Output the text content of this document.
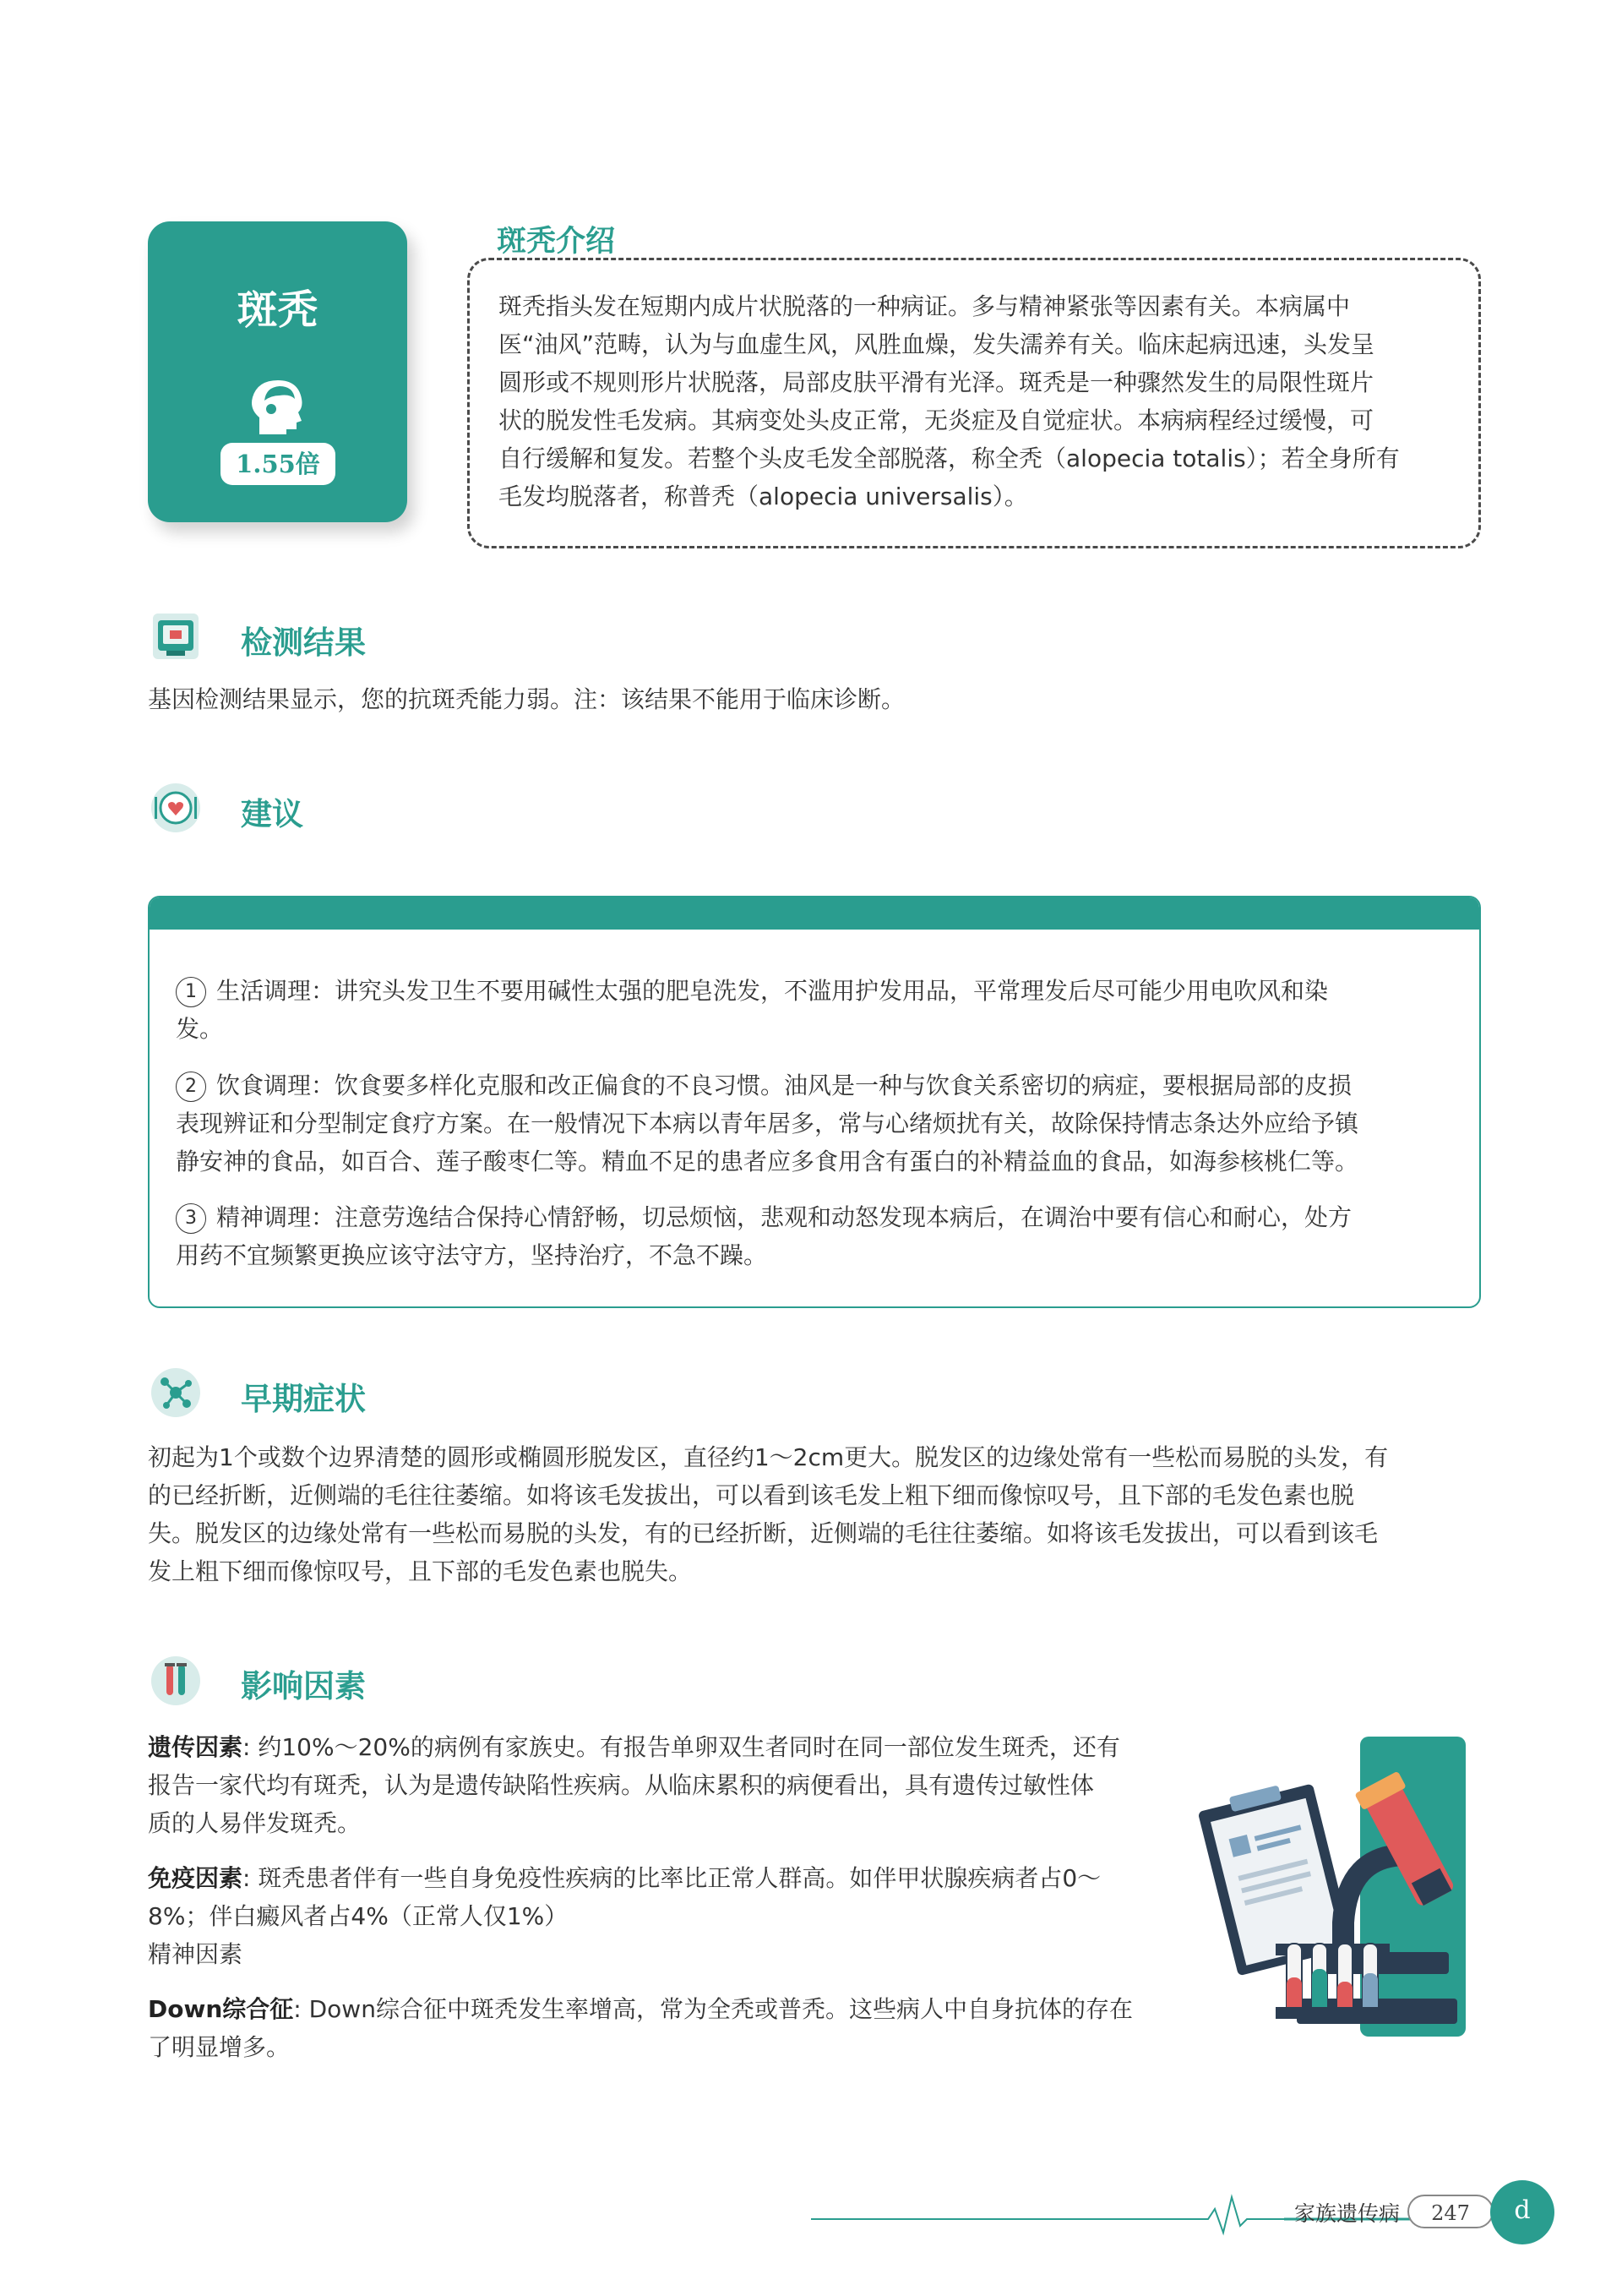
斑秃
1.55倍
斑秃介绍
斑秃指头发在短期内成片状脱落的一种病证。多与精神紧张等因素有关。本病属中
医“油风”范畴，认为与血虚生风，风胜血燥，发失濡养有关。临床起病迅速，头发呈
圆形或不规则形片状脱落，局部皮肤平滑有光泽。斑秃是一种骤然发生的局限性斑片
状的脱发性毛发病。其病变处头皮正常，无炎症及自觉症状。本病病程经过缓慢，可
自行缓解和复发。若整个头皮毛发全部脱落，称全秃（alopecia totalis）；若全身所有
毛发均脱落者，称普秃（alopecia universalis）。
检测结果
基因检测结果显示，您的抗斑秃能力弱。注：该结果不能用于临床诊断。
建议
1 生活调理：讲究头发卫生不要用碱性太强的肥皂洗发，不滥用护发用品，平常理发后尽可能少用电吹风和染
发。
2 饮食调理：饮食要多样化克服和改正偏食的不良习惯。油风是一种与饮食关系密切的病症，要根据局部的皮损
表现辨证和分型制定食疗方案。在一般情况下本病以青年居多，常与心绪烦扰有关，故除保持情志条达外应给予镇
静安神的食品，如百合、莲子酸枣仁等。精血不足的患者应多食用含有蛋白的补精益血的食品，如海参核桃仁等。
3 精神调理：注意劳逸结合保持心情舒畅，切忌烦恼，悲观和动怒发现本病后，在调治中要有信心和耐心，处方
用药不宜频繁更换应该守法守方，坚持治疗，不急不躁。
早期症状
初起为1个或数个边界清楚的圆形或椭圆形脱发区，直径约1～2cm更大。脱发区的边缘处常有一些松而易脱的头发，有
的已经折断，近侧端的毛往往萎缩。如将该毛发拔出，可以看到该毛发上粗下细而像惊叹号，且下部的毛发色素也脱
失。脱发区的边缘处常有一些松而易脱的头发，有的已经折断，近侧端的毛往往萎缩。如将该毛发拔出，可以看到该毛
发上粗下细而像惊叹号，且下部的毛发色素也脱失。
影响因素
遗传因素: 约10%～20%的病例有家族史。有报告单卵双生者同时在同一部位发生斑秃，还有
报告一家代均有斑秃，认为是遗传缺陷性疾病。从临床累积的病便看出，具有遗传过敏性体
质的人易伴发斑秃。
免疫因素: 斑秃患者伴有一些自身免疫性疾病的比率比正常人群高。如伴甲状腺疾病者占0～
8%；伴白癜风者占4%（正常人仅1%）
精神因素
Down综合征: Down综合征中斑秃发生率增高，常为全秃或普秃。这些病人中自身抗体的存在
了明显增多。
家族遗传病	247	d
